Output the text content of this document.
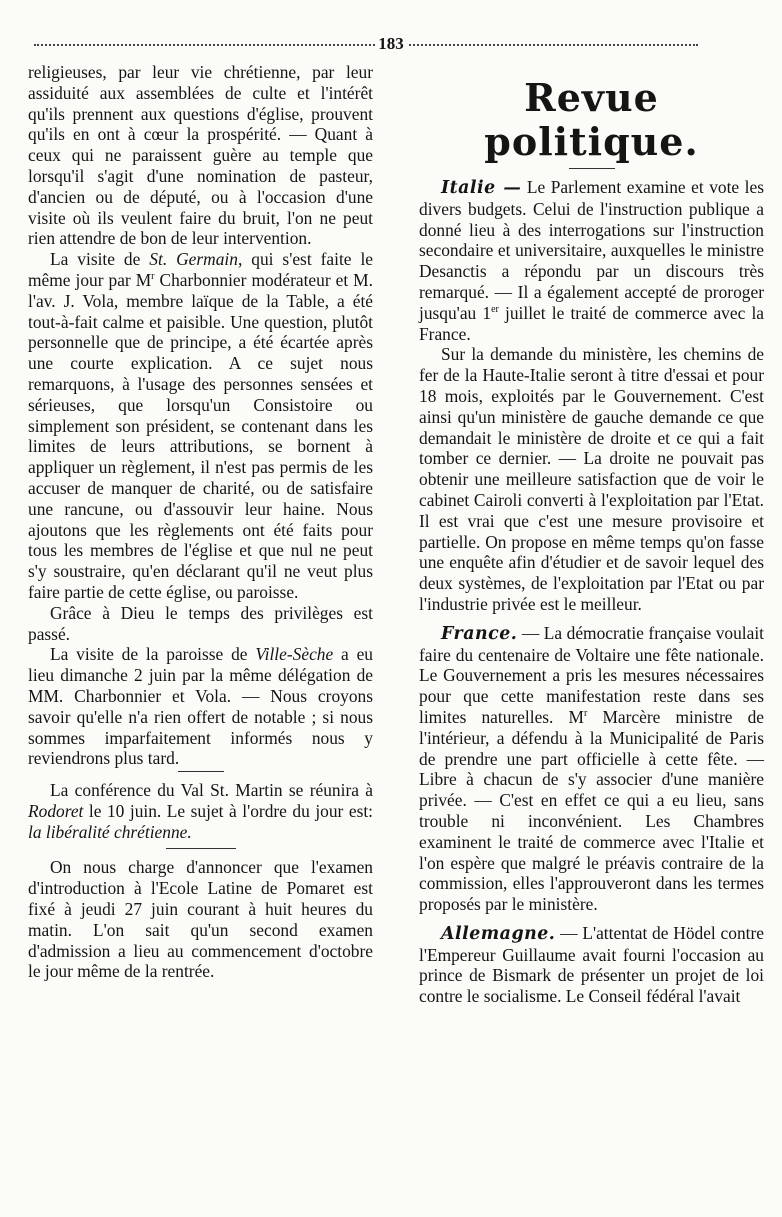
183

religieuses, par leur vie chrétienne, par leur assiduité aux assemblées de culte et l'intérêt qu'ils prennent aux questions d'église, prouvent qu'ils en ont à cœur la prospérité. — Quant à ceux qui ne paraissent guère au temple que lorsqu'il s'agit d'une nomination de pasteur, d'ancien ou de député, ou à l'occasion d'une visite où ils veulent faire du bruit, l'on ne peut rien attendre de bon de leur intervention.

La visite de St. Germain, qui s'est faite le même jour par $M^r$ Charbonnier modérateur et M. l'av. J. Vola, membre laïque de la Table, a été tout-à-fait calme et paisible. Une question, plutôt personnelle que de principe, a été écartée après une courte explication. A ce sujet nous remarquons, à l'usage des personnes sensées et sérieuses, que lorsqu'un Consistoire ou simplement son président, se contenant dans les limites de leurs attributions, se bornent à appliquer un règlement, il n'est pas permis de les accuser de manquer de charité, ou de satisfaire une rancune, ou d'assouvir leur haine. Nous ajoutons que les règlements ont été faits pour tous les membres de l'église et que nul ne peut s'y soustraire, qu'en déclarant qu'il ne veut plus faire partie de cette église, ou paroisse.

Grâce à Dieu le temps des privilèges est passé.

La visite de la paroisse de Ville-Sèche a eu lieu dimanche 2 juin par la même délégation de MM. Charbonnier et Vola. — Nous croyons savoir qu'elle n'a rien offert de notable ; si nous sommes imparfaitement informés nous y reviendrons plus tard.

La conférence du Val St. Martin se réunira à Rodoret le 10 juin. Le sujet à l'ordre du jour est: la libéralité chrétienne.

On nous charge d'annoncer que l'examen d'introduction à l'Ecole Latine de Pomaret est fixé à jeudi 27 juin courant à huit heures du matin. L'on sait qu'un second examen d'admission a lieu au commencement d'octobre le jour même de la rentrée.

Revue politique.

Italie — Le Parlement examine et vote les divers budgets. Celui de l'instruction publique a donné lieu à des interrogations sur l'instruction secondaire et universitaire, auxquelles le ministre Desanctis a répondu par un discours très remarqué. — Il a également accepté de proroger jusqu'au 1er juillet le traité de commerce avec la France.

Sur la demande du ministère, les chemins de fer de la Haute-Italie seront à titre d'essai et pour 18 mois, exploités par le Gouvernement. C'est ainsi qu'un ministère de gauche demande ce que demandait le ministère de droite et ce qui a fait tomber ce dernier. — La droite ne pouvait pas obtenir une meilleure satisfaction que de voir le cabinet Cairoli converti à l'exploitation par l'Etat. Il est vrai que c'est une mesure provisoire et partielle. On propose en même temps qu'on fasse une enquête afin d'étudier et de savoir lequel des deux systèmes, de l'exploitation par l'Etat ou par l'industrie privée est le meilleur.

France. — La démocratie française voulait faire du centenaire de Voltaire une fête nationale. Le Gouvernement a pris les mesures nécessaires pour que cette manifestation reste dans ses limites naturelles. $M^r$ Marcère ministre de l'intérieur, a défendu à la Municipalité de Paris de prendre une part officielle à cette fête. — Libre à chacun de s'y associer d'une manière privée. — C'est en effet ce qui a eu lieu, sans trouble ni inconvénient. Les Chambres examinent le traité de commerce avec l'Italie et l'on espère que malgré le préavis contraire de la commission, elles l'approuveront dans les termes proposés par le ministère.

Allemagne. — L'attentat de Hödel contre l'Empereur Guillaume avait fourni l'occasion au prince de Bismark de présenter un projet de loi contre le socialisme. Le Conseil fédéral l'avait
